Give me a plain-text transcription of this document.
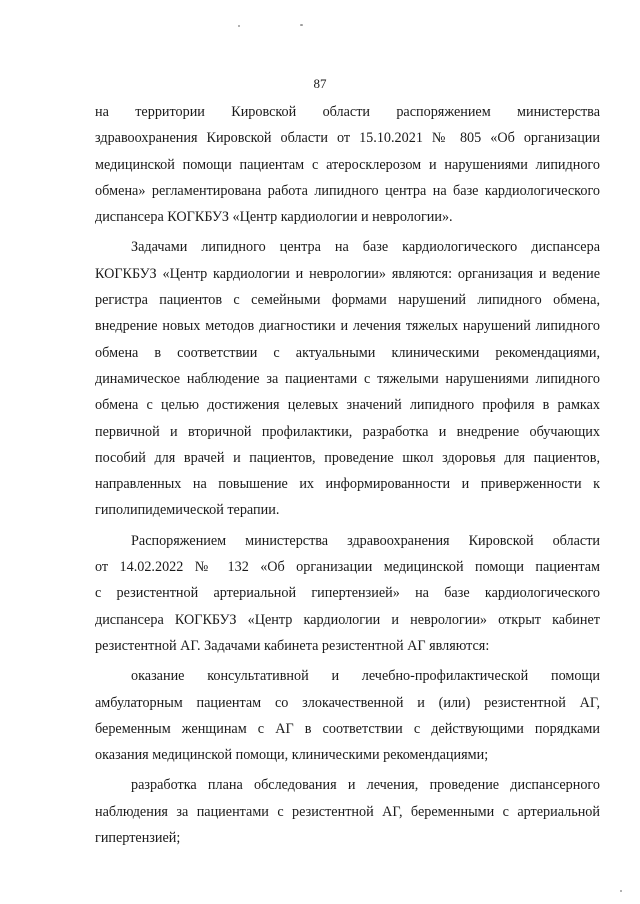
87

на территории Кировской области распоряжением министерства
здравоохранения Кировской области от 15.10.2021 № 805 «Об организации
медицинской помощи пациентам с атеросклерозом и нарушениями липидного
обмена» регламентирована работа липидного центра на базе кардиологического
диспансера КОГКБУЗ «Центр кардиологии и неврологии».

Задачами липидного центра на базе кардиологического диспансера
КОГКБУЗ «Центр кардиологии и неврологии» являются: организация и ведение
регистра пациентов с семейными формами нарушений липидного обмена,
внедрение новых методов диагностики и лечения тяжелых нарушений липидного
обмена в соответствии с актуальными клиническими рекомендациями,
динамическое наблюдение за пациентами с тяжелыми нарушениями липидного
обмена с целью достижения целевых значений липидного профиля в рамках
первичной и вторичной профилактики, разработка и внедрение обучающих
пособий для врачей и пациентов, проведение школ здоровья для пациентов,
направленных на повышение их информированности и приверженности к
гиполипидемической терапии.

Распоряжением министерства здравоохранения Кировской области
от 14.02.2022 № 132 «Об организации медицинской помощи пациентам
с резистентной артериальной гипертензией» на базе кардиологического
диспансера КОГКБУЗ «Центр кардиологии и неврологии» открыт кабинет
резистентной АГ. Задачами кабинета резистентной АГ являются:

оказание консультативной и лечебно-профилактической помощи
амбулаторным пациентам со злокачественной и (или) резистентной АГ,
беременным женщинам с АГ в соответствии с действующими порядками
оказания медицинской помощи, клиническими рекомендациями;

разработка плана обследования и лечения, проведение диспансерного
наблюдения за пациентами с резистентной АГ, беременными с артериальной
гипертензией;
